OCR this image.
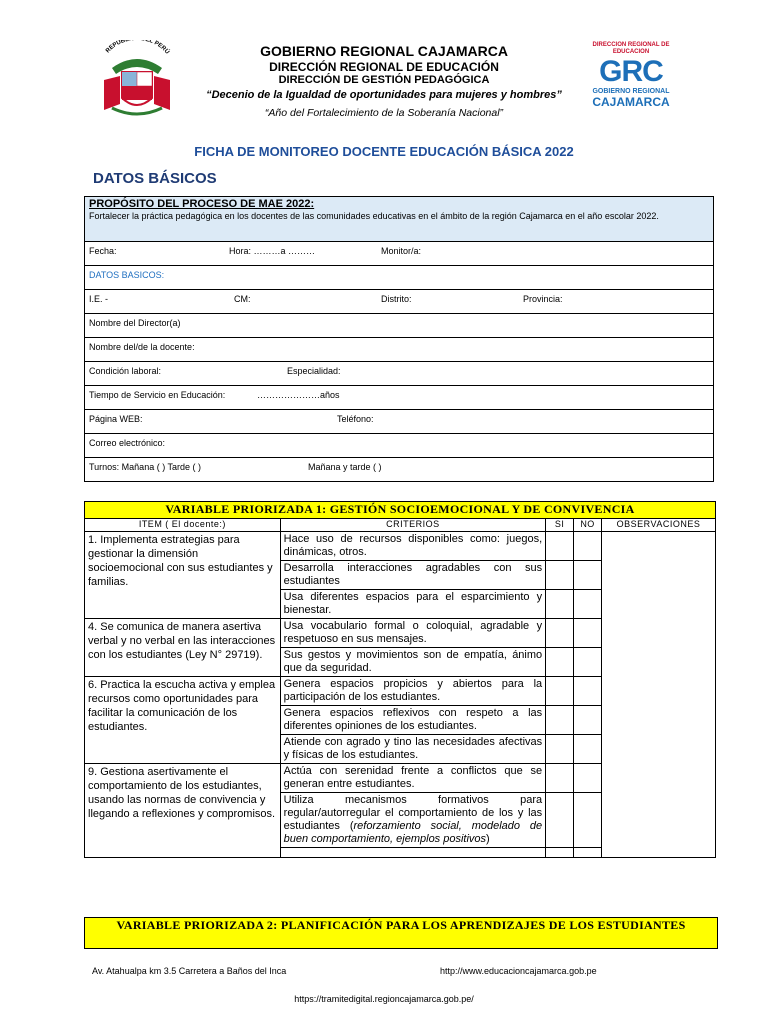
REPÚBL EL PERÚ
DIRECCION REGIONAL DE EDUCACION
GRC
GOBIERNO REGIONAL
CAJAMARCA
GOBIERNO REGIONAL CAJAMARCA
DIRECCIÓN REGIONAL DE EDUCACIÓN
DIRECCIÓN DE GESTIÓN PEDAGÓGICA
“Decenio de la Igualdad de oportunidades para mujeres y hombres”
“Año del Fortalecimiento de la Soberanía Nacional”
FICHA DE MONITOREO DOCENTE EDUCACIÓN BÁSICA 2022
DATOS BÁSICOS
PROPÓSITO DEL PROCESO DE MAE 2022:
Fortalecer la práctica pedagógica en los docentes de las comunidades educativas en el ámbito de la región Cajamarca en el año escolar 2022.

Fecha:	Hora: ………a ………	Monitor/a:

DATOS BASICOS:

I.E. -	CM:	Distrito:	Provincia:

Nombre del Director(a)

Nombre del/de la docente:

Condición laboral:	Especialidad:

Tiempo de Servicio en Educación:	…………………años

Página WEB:	Teléfono:

Correo electrónico:

Turnos: Mañana ( ) Tarde ( )	Mañana y tarde ( )
VARIABLE PRIORIZADA 1: GESTIÓN SOCIOEMOCIONAL Y DE CONVIVENCIA				
ITEM ( El docente:)	CRITERIOS	SI	NO	OBSERVACIONES
1. Implementa estrategias para gestionar la dimensión socioemocional con sus estudiantes y familias.	Hace uso de recursos disponibles como: juegos, dinámicas, otros.			
	Desarrolla interacciones agradables con sus estudiantes			
	Usa diferentes espacios para el esparcimiento y bienestar.			
4. Se comunica de manera asertiva verbal y no verbal en las interacciones con los estudiantes (Ley N° 29719).	Usa vocabulario formal o coloquial, agradable y respetuoso en sus mensajes.			
	Sus gestos y movimientos son de empatía, ánimo que da seguridad.			
6. Practica la escucha activa y emplea recursos como oportunidades para facilitar la comunicación de los estudiantes.	Genera espacios propicios y abiertos para la participación de los estudiantes.			
	Genera espacios reflexivos con respeto a las diferentes opiniones de los estudiantes.			
	Atiende con agrado y tino las necesidades afectivas y físicas de los estudiantes.			
9. Gestiona asertivamente el comportamiento de los estudiantes, usando las normas de convivencia y llegando a reflexiones y compromisos.	Actúa con serenidad frente a conflictos que se generan entre estudiantes.			
	Utiliza mecanismos formativos para regular/autorregular el comportamiento de los y las estudiantes (reforzamiento social, modelado de buen comportamiento, ejemplos positivos)			

VARIABLE PRIORIZADA 2: PLANIFICACIÓN PARA LOS APRENDIZAJES DE LOS ESTUDIANTES
Av. Atahualpa km 3.5 Carretera a Baños del Inca	http://www.educacioncajamarca.gob.pe
https://tramitedigital.regioncajamarca.gob.pe/
